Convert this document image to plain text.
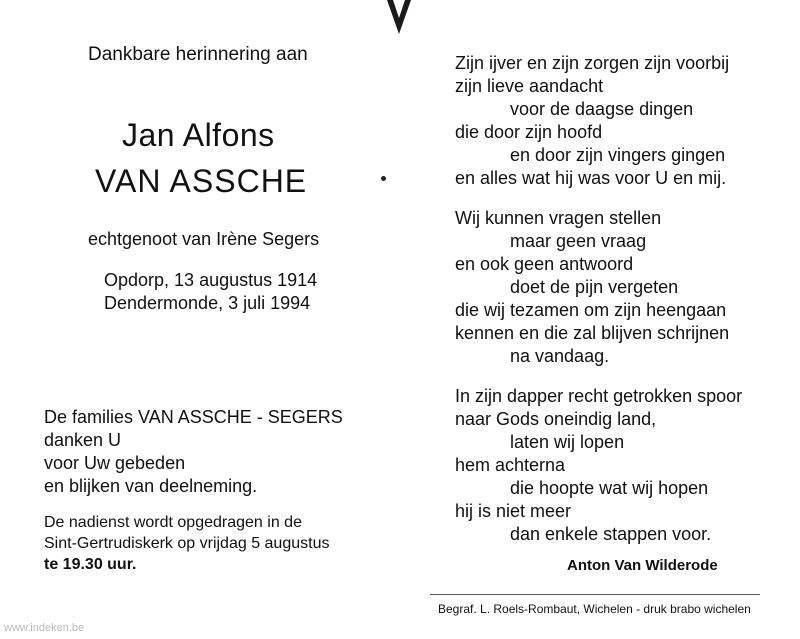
Dankbare herinnering aan
Jan Alfons
VAN ASSCHE
echtgenoot van Irène Segers
Opdorp, 13 augustus 1914
Dendermonde, 3 juli 1994
De families VAN ASSCHE - SEGERS
danken U
voor Uw gebeden
en blijken van deelneming.
De nadienst wordt opgedragen in de
Sint-Gertrudiskerk op vrijdag 5 augustus
te 19.30 uur.
Zijn ijver en zijn zorgen zijn voorbij
zijn lieve aandacht
voor de daagse dingen
die door zijn hoofd
en door zijn vingers gingen
en alles wat hij was voor U en mij.
Wij kunnen vragen stellen
maar geen vraag
en ook geen antwoord
doet de pijn vergeten
die wij tezamen om zijn heengaan
kennen en die zal blijven schrijnen
na vandaag.
In zijn dapper recht getrokken spoor
naar Gods oneindig land,
laten wij lopen
hem achterna
die hoopte wat wij hopen
hij is niet meer
dan enkele stappen voor.
Anton Van Wilderode
Begraf. L. Roels-Rombaut, Wichelen - druk brabo wichelen
www.indeken.be
